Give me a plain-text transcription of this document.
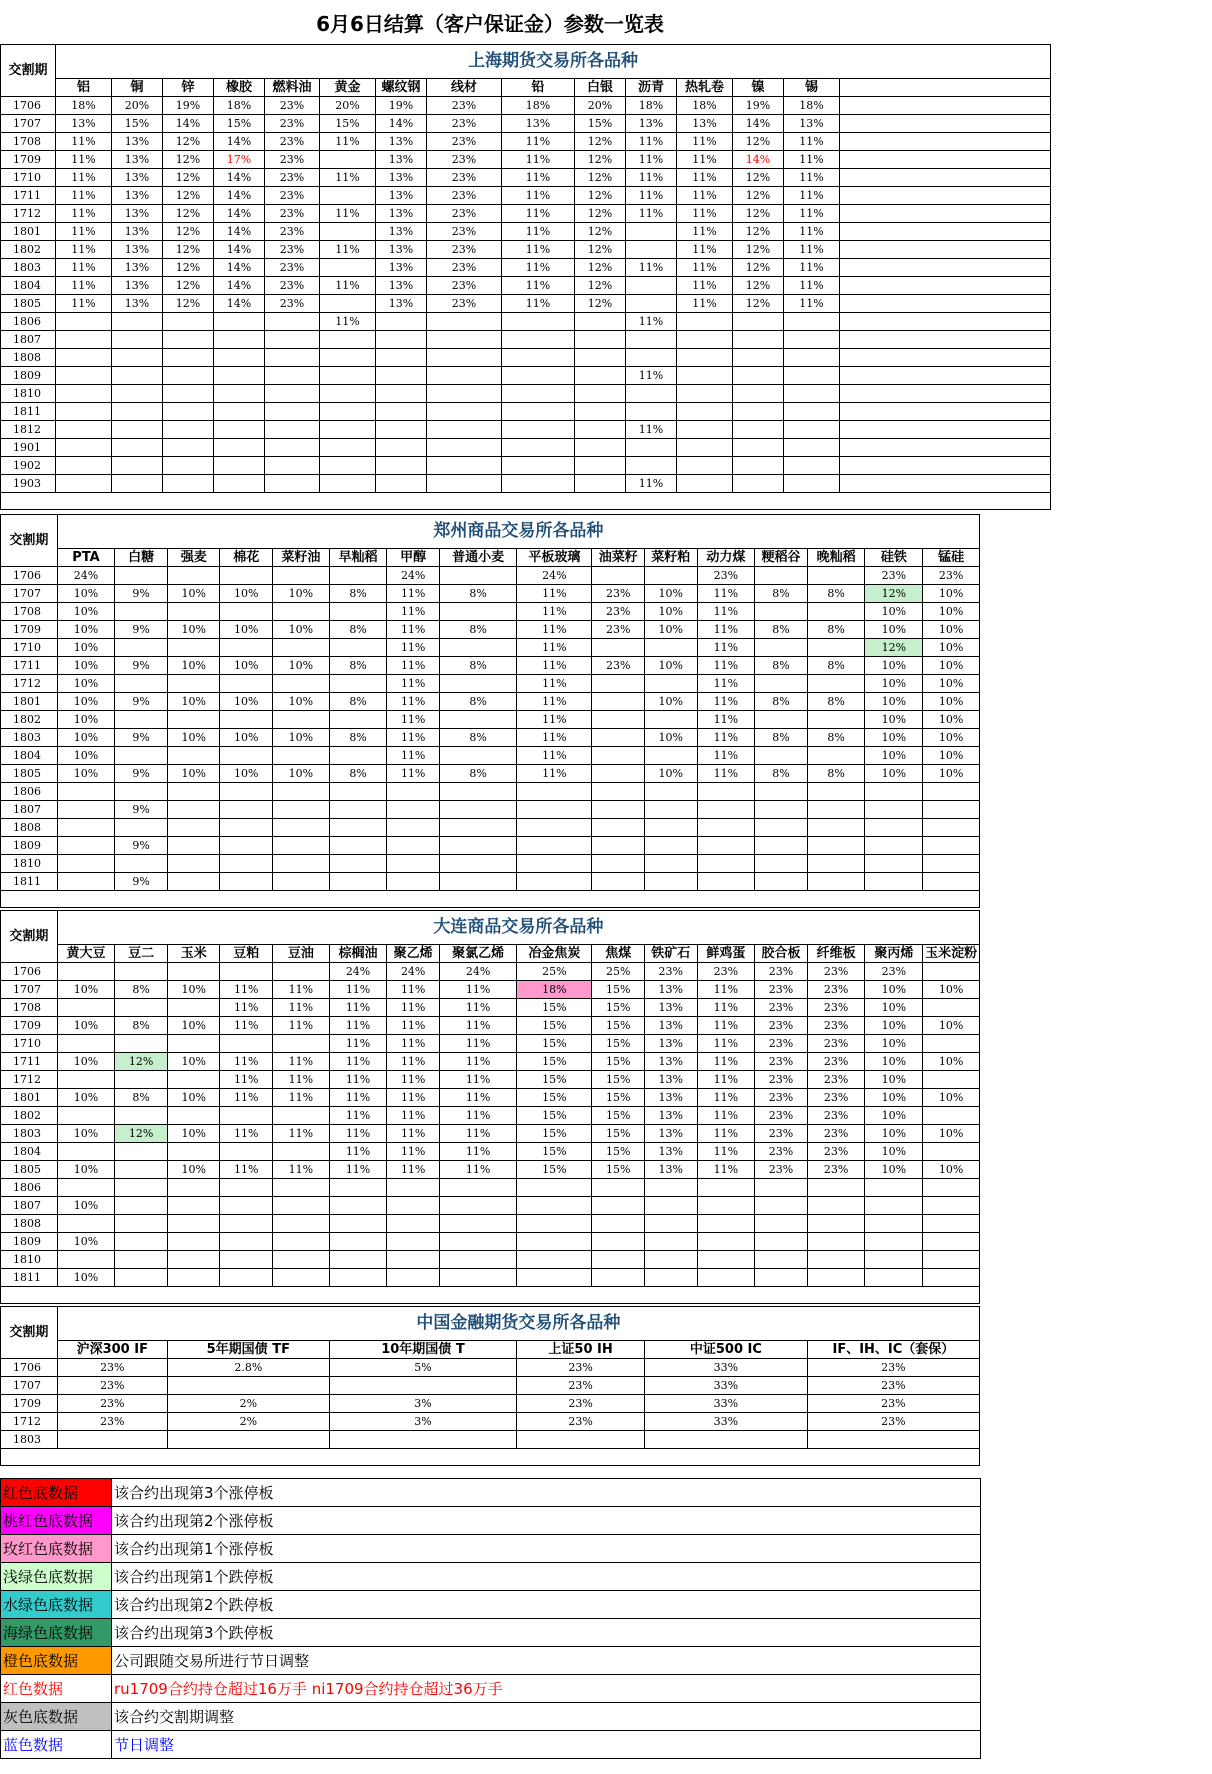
6月6日结算（客户保证金）参数一览表
交割期	上海期货交易所各品种														
	铝	铜	锌	橡胶	燃料油	黄金	螺纹钢	线材	铅	白银	沥青	热轧卷	镍	锡	
1706	18%	20%	19%	18%	23%	20%	19%	23%	18%	20%	18%	18%	19%	18%	
1707	13%	15%	14%	15%	23%	15%	14%	23%	13%	15%	13%	13%	14%	13%	
1708	11%	13%	12%	14%	23%	11%	13%	23%	11%	12%	11%	11%	12%	11%	
1709	11%	13%	12%	17%	23%		13%	23%	11%	12%	11%	11%	14%	11%	
1710	11%	13%	12%	14%	23%	11%	13%	23%	11%	12%	11%	11%	12%	11%	
1711	11%	13%	12%	14%	23%		13%	23%	11%	12%	11%	11%	12%	11%	
1712	11%	13%	12%	14%	23%	11%	13%	23%	11%	12%	11%	11%	12%	11%	
1801	11%	13%	12%	14%	23%		13%	23%	11%	12%		11%	12%	11%	
1802	11%	13%	12%	14%	23%	11%	13%	23%	11%	12%		11%	12%	11%	
1803	11%	13%	12%	14%	23%		13%	23%	11%	12%	11%	11%	12%	11%	
1804	11%	13%	12%	14%	23%	11%	13%	23%	11%	12%		11%	12%	11%	
1805	11%	13%	12%	14%	23%		13%	23%	11%	12%		11%	12%	11%	
1806						11%					11%				
1807															
1808															
1809											11%				
1810															
1811															
1812											11%				
1901															
1902															
1903											11%				

交割期	郑州商品交易所各品种															
	PTA	白糖	强麦	棉花	菜籽油	早籼稻	甲醇	普通小麦	平板玻璃	油菜籽	菜籽粕	动力煤	粳稻谷	晚籼稻	硅铁	锰硅
1706	24%						24%		24%			23%			23%	23%
1707	10%	9%	10%	10%	10%	8%	11%	8%	11%	23%	10%	11%	8%	8%	12%	10%
1708	10%						11%		11%	23%	10%	11%			10%	10%
1709	10%	9%	10%	10%	10%	8%	11%	8%	11%	23%	10%	11%	8%	8%	10%	10%
1710	10%						11%		11%			11%			12%	10%
1711	10%	9%	10%	10%	10%	8%	11%	8%	11%	23%	10%	11%	8%	8%	10%	10%
1712	10%						11%		11%			11%			10%	10%
1801	10%	9%	10%	10%	10%	8%	11%	8%	11%		10%	11%	8%	8%	10%	10%
1802	10%						11%		11%			11%			10%	10%
1803	10%	9%	10%	10%	10%	8%	11%	8%	11%		10%	11%	8%	8%	10%	10%
1804	10%						11%		11%			11%			10%	10%
1805	10%	9%	10%	10%	10%	8%	11%	8%	11%		10%	11%	8%	8%	10%	10%
1806																
1807		9%														
1808																
1809		9%														
1810																
1811		9%														

交割期	大连商品交易所各品种															
	黄大豆	豆二	玉米	豆粕	豆油	棕榈油	聚乙烯	聚氯乙烯	冶金焦炭	焦煤	铁矿石	鲜鸡蛋	胶合板	纤维板	聚丙烯	玉米淀粉
1706						24%	24%	24%	25%	25%	23%	23%	23%	23%	23%	
1707	10%	8%	10%	11%	11%	11%	11%	11%	18%	15%	13%	11%	23%	23%	10%	10%
1708				11%	11%	11%	11%	11%	15%	15%	13%	11%	23%	23%	10%	
1709	10%	8%	10%	11%	11%	11%	11%	11%	15%	15%	13%	11%	23%	23%	10%	10%
1710						11%	11%	11%	15%	15%	13%	11%	23%	23%	10%	
1711	10%	12%	10%	11%	11%	11%	11%	11%	15%	15%	13%	11%	23%	23%	10%	10%
1712				11%	11%	11%	11%	11%	15%	15%	13%	11%	23%	23%	10%	
1801	10%	8%	10%	11%	11%	11%	11%	11%	15%	15%	13%	11%	23%	23%	10%	10%
1802						11%	11%	11%	15%	15%	13%	11%	23%	23%	10%	
1803	10%	12%	10%	11%	11%	11%	11%	11%	15%	15%	13%	11%	23%	23%	10%	10%
1804						11%	11%	11%	15%	15%	13%	11%	23%	23%	10%	
1805	10%		10%	11%	11%	11%	11%	11%	15%	15%	13%	11%	23%	23%	10%	10%
1806																
1807	10%															
1808																
1809	10%															
1810																
1811	10%															

交割期	中国金融期货交易所各品种					
	沪深300 IF	5年期国债 TF	10年期国债 T	上证50 IH	中证500 IC	IF、IH、IC（套保）
1706	23%	2.8%	5%	23%	33%	23%
1707	23%			23%	33%	23%
1709	23%	2%	3%	23%	33%	23%
1712	23%	2%	3%	23%	33%	23%
1803						

红色底数据	该合约出现第3个涨停板
桃红色底数据	该合约出现第2个涨停板
玫红色底数据	该合约出现第1个涨停板
浅绿色底数据	该合约出现第1个跌停板
水绿色底数据	该合约出现第2个跌停板
海绿色底数据	该合约出现第3个跌停板
橙色底数据	公司跟随交易所进行节日调整
红色数据	ru1709合约持仓超过16万手 ni1709合约持仓超过36万手
灰色底数据	该合约交割期调整
蓝色数据	节日调整
